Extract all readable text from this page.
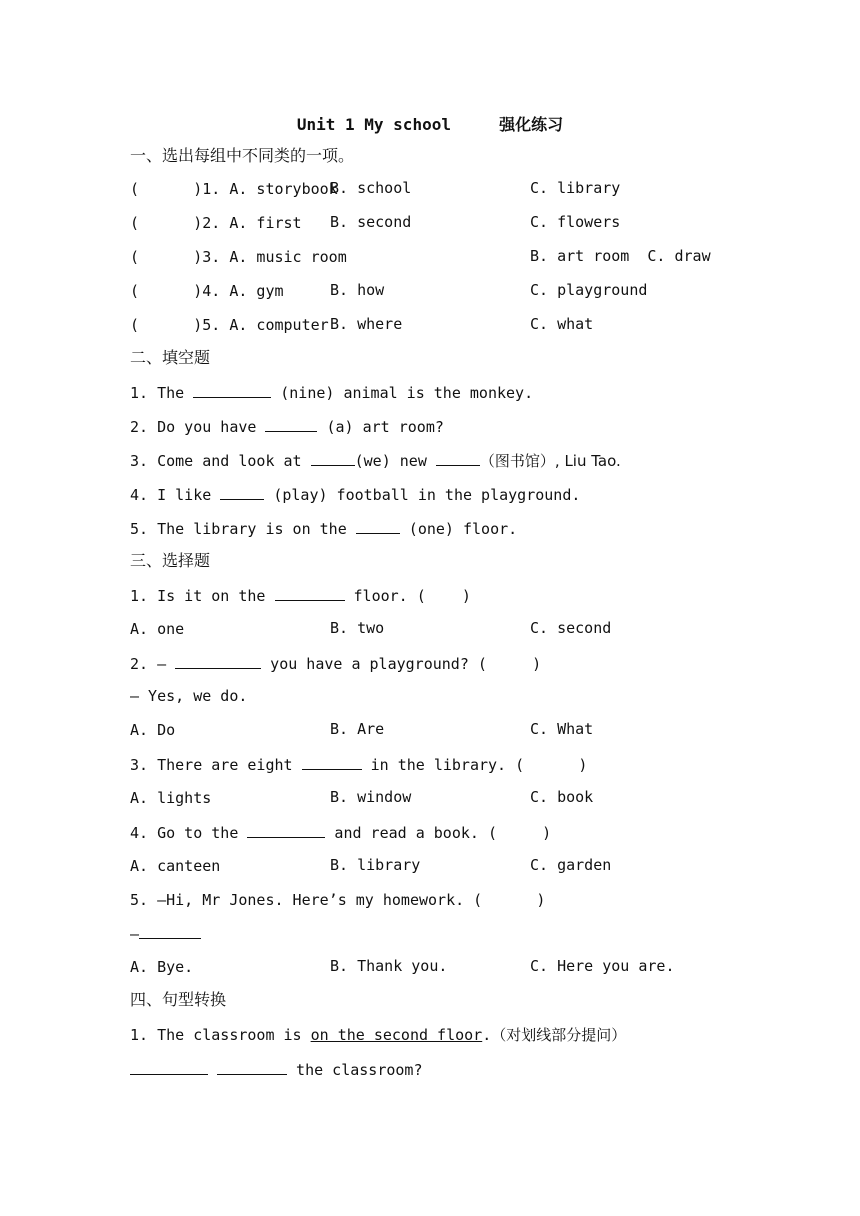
Unit 1 My school	强化练习
一、选出每组中不同类的一项。
(      )1. A. storybook
B. school	C. library
(      )2. A. first B. second	C. flowers
(      )3. A. music room	B. art room  C. draw
(      )4. A. gym	B. how	C. playground
(      )5. A. computer B. where	C. what
二、填空题
1. The	(nine) animal is the monkey.
2. Do you have	(a) art room?
3. Come and look at	(we) new	（图书馆）, Liu Tao.
4. I like	(play) football in the playground.
5. The library is on the	(one) floor.
三、选择题
1. Is it on the	floor. (    )
A. one	B. two	C. second
2. —	you have a playground? (     )
— Yes, we do.
A. Do	B. Are	C. What
3. There are eight	in the library. (      )
A. lights	B. window	C. book
4. Go to the	and read a book. (     )
A. canteen	B. library	C. garden
5. —Hi, Mr Jones. Here’s my homework. (      )
—
A. Bye.	B. Thank you.	C. Here you are.
四、句型转换
1. The classroom is on the second floor.（对划线部分提问）
the classroom?
